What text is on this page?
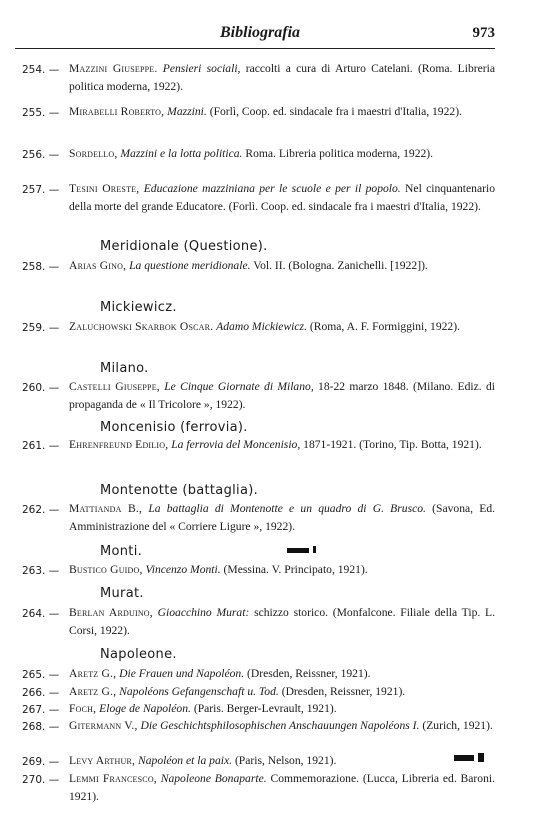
Bibliografia	973
254. — Mazzini Giuseppe. Pensieri sociali, raccolti a cura di Arturo Catelani. (Roma. Libreria politica moderna, 1922).
255. — Mirabelli Roberto, Mazzini. (Forlì, Coop. ed. sindacale fra i maestri d'Italia, 1922).
256. — Sordello, Mazzini e la lotta politica. Roma. Libreria politica moderna, 1922).
257. — Tesini Oreste, Educazione mazziniana per le scuole e per il popolo. Nel cinquantenario della morte del grande Educatore. (Forlì. Coop. ed. sindacale fra i maestri d'Italia, 1922).
Meridionale (Questione).
258. — Arias Gino, La questione meridionale. Vol. II. (Bologna. Zanichelli. [1922]).
Mickiewicz.
259. — Zaluchowski Skarbok Oscar. Adamo Mickiewicz. (Roma, A. F. Formiggini, 1922).
Milano.
260. — Castelli Giuseppe, Le Cinque Giornate di Milano, 18-22 marzo 1848. (Milano. Ediz. di propaganda de « Il Tricolore », 1922).
Moncenisio (ferrovia).
261. — Ehrenfreund Edilio, La ferrovia del Moncenisio, 1871-1921. (Torino, Tip. Botta, 1921).
Montenotte (battaglia).
262. — Mattianda B., La battaglia di Montenotte e un quadro di G. Brusco. (Savona, Ed. Amministrazione del « Corriere Ligure », 1922).
Monti.
263. — Bustico Guido, Vincenzo Monti. (Messina. V. Principato, 1921).
Murat.
264. — Berlan Arduino, Gioacchino Murat: schizzo storico. (Monfalcone. Filiale della Tip. L. Corsi, 1922).
Napoleone.
265. — Aretz G., Die Frauen und Napoléon. (Dresden, Reissner, 1921).
266. — Aretz G., Napoléons Gefangenschaft u. Tod. (Dresden, Reissner, 1921).
267. — Foch, Eloge de Napoléon. (Paris. Berger-Levrault, 1921).
268. — Gitermann V., Die Geschichtsphilosophischen Anschauungen Napoléons I. (Zurich, 1921).
269. — Levy Arthur, Napoléon et la paix. (Paris, Nelson, 1921).
270. — Lemmi Francesco, Napoleone Bonaparte. Commemorazione. (Lucca, Libreria ed. Baroni. 1921).
